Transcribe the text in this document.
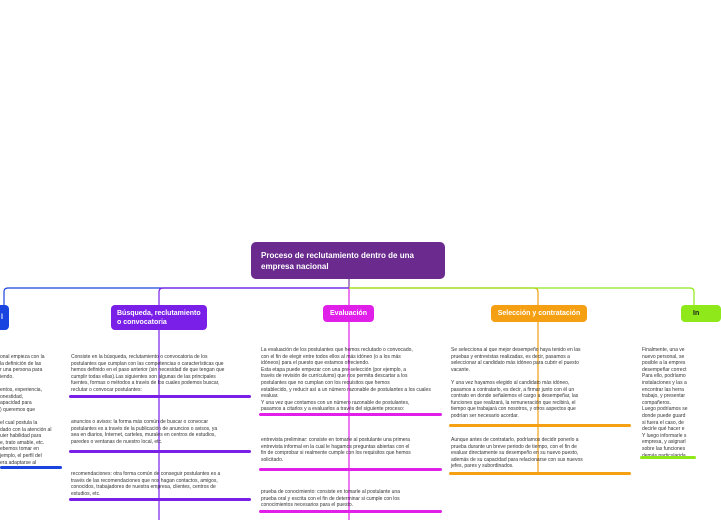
Proceso de reclutamiento dentro de una empresa nacional
l
onal empieza con la
la definición de las
r una persona para
iendo.

entos, experiencia,
onestidad,
apacidad para
) queremos que

el cual postula la
dado con la atención al
uier habilidad para
e, trato amable, etc.
ebemos tomar en
jemplo, el perfil del
era adaptarse al
Búsqueda, reclutamiento o convocatoria
Consiste en la búsqueda, reclutamiento o convocatoria de los
postulantes que cumplan con las competencias o características que
hemos definido en el paso anterior (sin necesidad de que tengan que
cumplir todas ellas).Las siguientes son algunas de las principales
fuentes, formas o métodos a través de los cuales podemos buscar,
reclutar o convocar postulantes:
anuncios o avisos: la forma más común de buscar o convocar
postulantes es a través de la publicación de anuncios o avisos, ya
sea en diarios, Internet, carteles, murales en centros de estudios,
paredes o ventanas de nuestro local, etc.
recomendaciones: otra forma común de conseguir postulantes es a
través de las recomendaciones que nos hagan contactos, amigos,
conocidos, trabajadores de nuestra empresa, clientes, centros de
estudios, etc.
Evaluación
La evaluación de los postulantes que hemos reclutado o convocado,
con el fin de elegir entre todos ellos al más idóneo (o a los más
idóneos) para el puesto que estamos ofreciendo.
Esta etapa puede empezar con una pre-selección (por ejemplo, a
través de revisión de currículums) que nos permita descartar a los
postulantes que no cumplan con los requisitos que hemos
establecido, y reducir así a un número razonable de postulantes a los cuales
evaluar.
Y una vez que contamos con un número razonable de postulantes,
pasamos a citarlos y a evaluarlos a través del siguiente proceso:
entrevista preliminar: consiste en tomarle al postulante una primera
entrevista informal en la cual le hagamos preguntas abiertas con el
fin de comprobar si realmente cumple con los requisitos que hemos
solicitado.
prueba de conocimiento: consiste en tomarle al postulante una
prueba oral y escrita con el fin de determinar si cumple con los
conocimientos necesarios para el puesto.
Selección y contratación
Se selecciona al que mejor desempeño haya tenido en las
pruebas y entrevistas realizadas, es decir, pasamos a
seleccionar al candidato más idóneo para cubrir el puesto
vacante.

Y una vez hayamos elegido al candidato más idóneo,
pasamos a contratarlo, es decir, a firmar junto con él un
contrato en donde señalemos el cargo a desempeñar, las
funciones que realizará, la remuneración que recibirá, el
tiempo que trabajará con nosotros, y otros aspectos que
podrían ser necesario acordar.
Aunque antes de contratarlo, podríamos decidir ponerlo a
prueba durante un breve periodo de tiempo, con el fin de
evaluar directamente su desempeño en su nuevo puesto,
además de su capacidad para relacionarse con sus nuevos
jefes, pares y subordinados.
In
Finalmente, una ve
nuevo personal, se
posible a la empres
desempeñar correct
Para ello, podríamo
instalaciones y las a
encontrar las herra
trabajo, y presentar
compañeros.
Luego podríamos se
donde puede guard
si fuera el caso, de
decirle qué hacer e
Y luego informarle s
empresa, y asignarl
sobre las funciones
